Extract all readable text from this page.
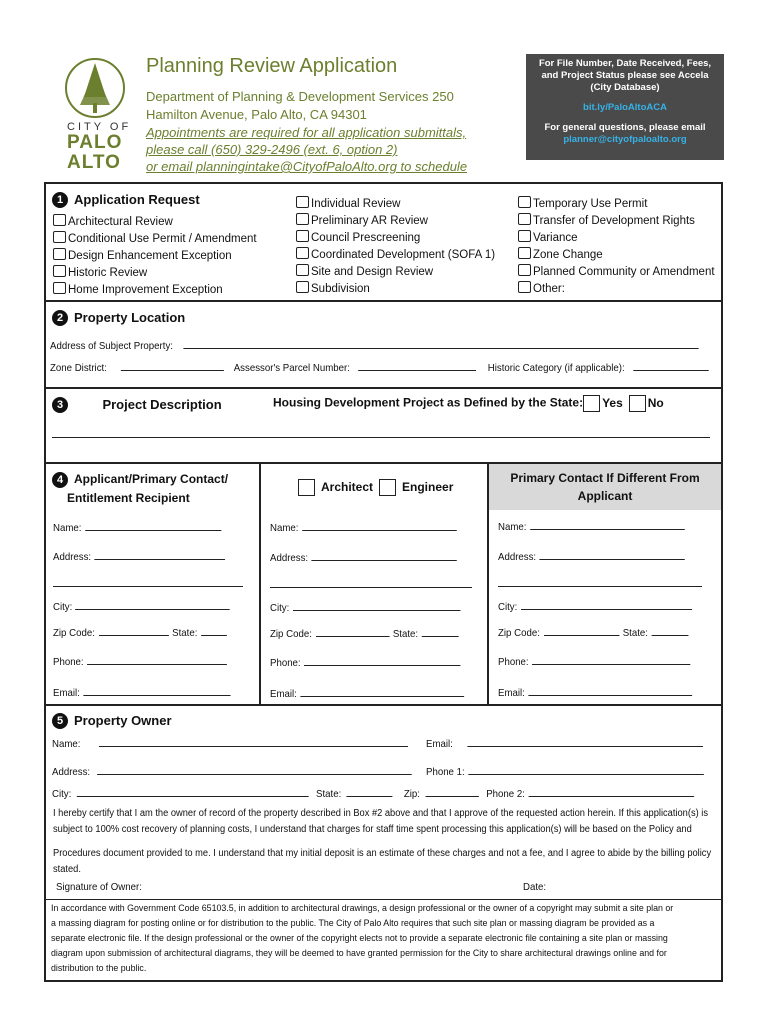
CITY OF
PALO
ALTO
Planning Review Application
Department of Planning & Development Services 250
Hamilton Avenue, Palo Alto, CA 94301
Appointments are required for all application submittals,
please call (650) 329-2496 (ext. 6, option 2)
or email planningintake@CityofPaloAlto.org to schedule
For File Number, Date Received, Fees,
and Project Status please see Accela
(City Database)
bit.ly/PaloAltoACA
For general questions, please email
planner@cityofpaloalto.org
1 Application Request
Architectural Review
Conditional Use Permit / Amendment
Design Enhancement Exception
Historic Review
Home Improvement Exception
Individual Review
Preliminary AR Review
Council Prescreening
Coordinated Development (SOFA 1)
Site and Design Review
Subdivision
Temporary Use Permit
Transfer of Development Rights
Variance
Zone Change
Planned Community or Amendment
Other:
2 Property Location
Address of Subject Property:
Zone District:	Assessor's Parcel Number:	Historic Category (if applicable):
3	Project Description	Housing Development Project as Defined by the State: Yes No
4 Applicant/Primary Contact/
Entitlement Recipient
Architect Engineer
Primary Contact If Different From
Applicant
Name:
Address:
City:
Zip Code:	State:
Phone:
Email:
Name:
Address:
City:
Zip Code:	State:
Phone:
Email:
Name:
Address:
City:
Zip Code:	State:
Phone:
Email:
5 Property Owner
Name:	Email:
Address:	Phone 1:
City:	State:	Zip:	Phone 2:
I hereby certify that I am the owner of record of the property described in Box #2 above and that I approve of the requested action herein. If this application(s) is
subject to 100% cost recovery of planning costs, I understand that charges for staff time spent processing this application(s) will be based on the Policy and
Procedures document provided to me. I understand that my initial deposit is an estimate of these charges and not a fee, and I agree to abide by the billing policy
stated.
Signature of Owner:	Date:
In accordance with Government Code 65103.5, in addition to architectural drawings, a design professional or the owner of a copyright may submit a site plan or
a massing diagram for posting online or for distribution to the public. The City of Palo Alto requires that such site plan or massing diagram be provided as a
separate electronic file. If the design professional or the owner of the copyright elects not to provide a separate electronic file containing a site plan or massing
diagram upon submission of architectural diagrams, they will be deemed to have granted permission for the City to share architectural drawings online and for
distribution to the public.
